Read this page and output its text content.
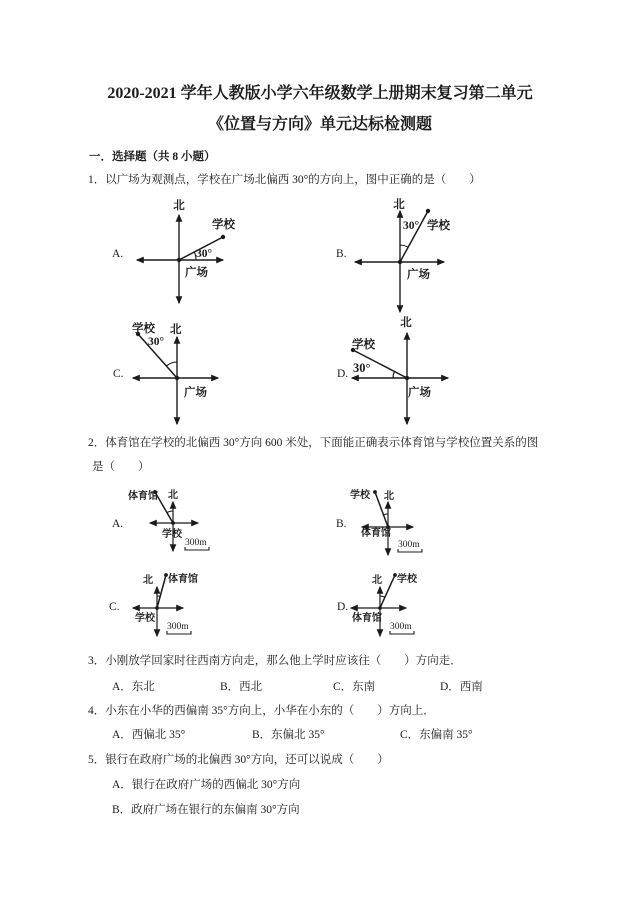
2020-2021 学年人教版小学六年级数学上册期末复习第二单元
《位置与方向》单元达标检测题
一．选择题（共 8 小题）
1．以广场为观测点，学校在广场北偏西 30°的方向上，图中正确的是（　　）
A.	B.
C.	D.
北
学校
30°
广场
北
30° 学校
广场
学校 北
30°
广场
北
学校
30°
广场
2．体育馆在学校的北偏西 30°方向 600 米处，下面能正确表示体育馆与学校位置关系的图
是（　　）
A.	B.
C.	D.
体育馆 北
学校
300m
学校 北
体育馆
300m
北 体育馆
学校
300m
北 学校
体育馆
300m
3．小刚放学回家时往西南方向走，那么他上学时应该往（　　）方向走．
A．东北	B．西北	C．东南	D．西南
4．小东在小华的西偏南 35°方向上，小华在小东的（　　）方向上．
A．西偏北 35°	B．东偏北 35°	C．东偏南 35°
5．银行在政府广场的北偏西 30°方向，还可以说成（　　）
A．银行在政府广场的西偏北 30°方向
B．政府广场在银行的东偏南 30°方向
